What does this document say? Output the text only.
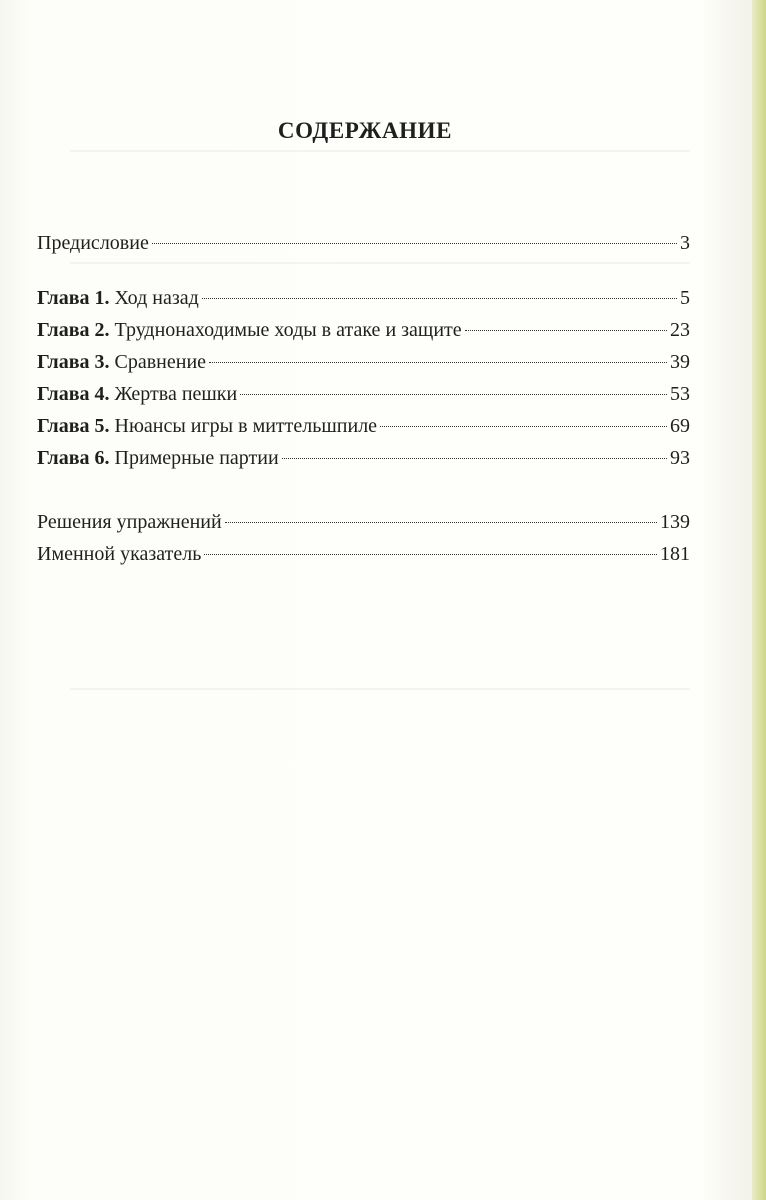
СОДЕРЖАНИЕ
Предисловие	3
Глава 1. Ход назад	5
Глава 2. Труднонаходимые ходы в атаке и защите	23
Глава 3. Сравнение	39
Глава 4. Жертва пешки	53
Глава 5. Нюансы игры в миттельшпиле	69
Глава 6. Примерные партии	93
Решения упражнений	139
Именной указатель	181
